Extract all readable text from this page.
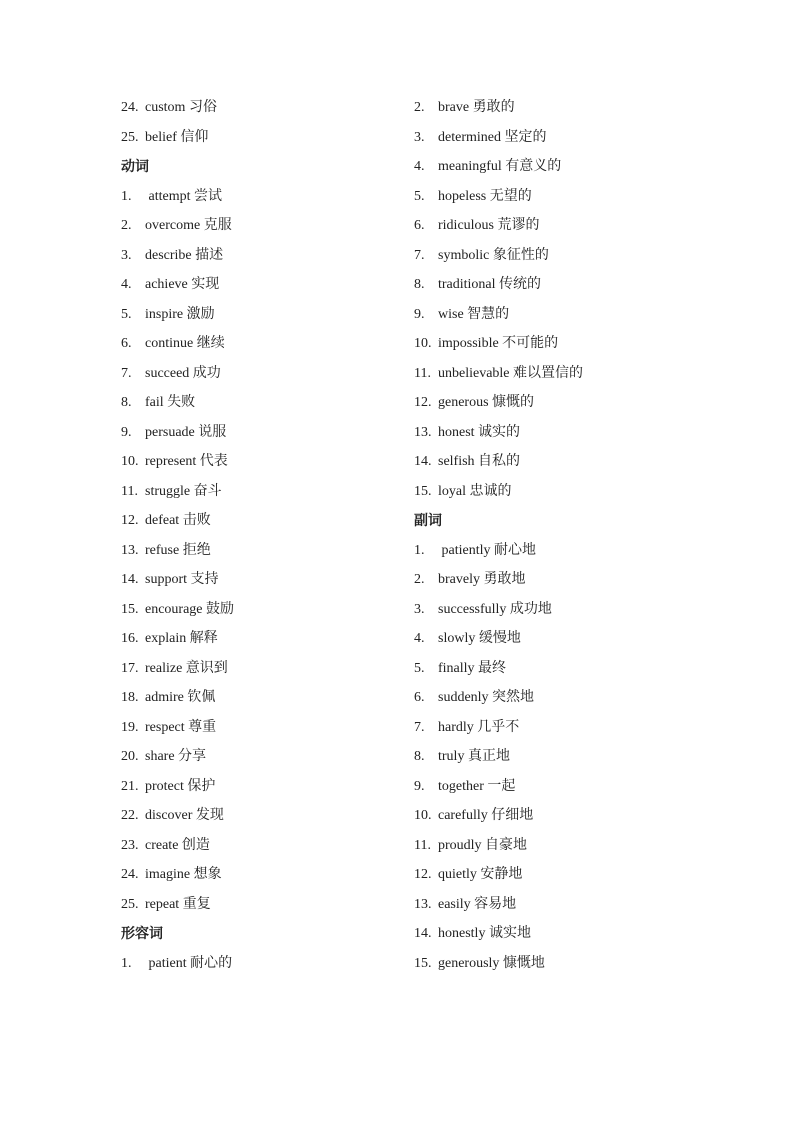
24. custom 习俗
25. belief 信仰
动词
1. attempt 尝试
2. overcome 克服
3. describe 描述
4. achieve 实现
5. inspire 激励
6. continue 继续
7. succeed 成功
8. fail 失败
9. persuade 说服
10. represent 代表
11. struggle 奋斗
12. defeat 击败
13. refuse 拒绝
14. support 支持
15. encourage 鼓励
16. explain 解释
17. realize 意识到
18. admire 钦佩
19. respect 尊重
20. share 分享
21. protect 保护
22. discover 发现
23. create 创造
24. imagine 想象
25. repeat 重复
形容词
1. patient 耐心的
2. brave 勇敢的
3. determined 坚定的
4. meaningful 有意义的
5. hopeless 无望的
6. ridiculous 荒谬的
7. symbolic 象征性的
8. traditional 传统的
9. wise 智慧的
10. impossible 不可能的
11. unbelievable 难以置信的
12. generous 慷慨的
13. honest 诚实的
14. selfish 自私的
15. loyal 忠诚的
副词
1. patiently 耐心地
2. bravely 勇敢地
3. successfully 成功地
4. slowly 缓慢地
5. finally 最终
6. suddenly 突然地
7. hardly 几乎不
8. truly 真正地
9. together 一起
10. carefully 仔细地
11. proudly 自豪地
12. quietly 安静地
13. easily 容易地
14. honestly 诚实地
15. generously 慷慨地
